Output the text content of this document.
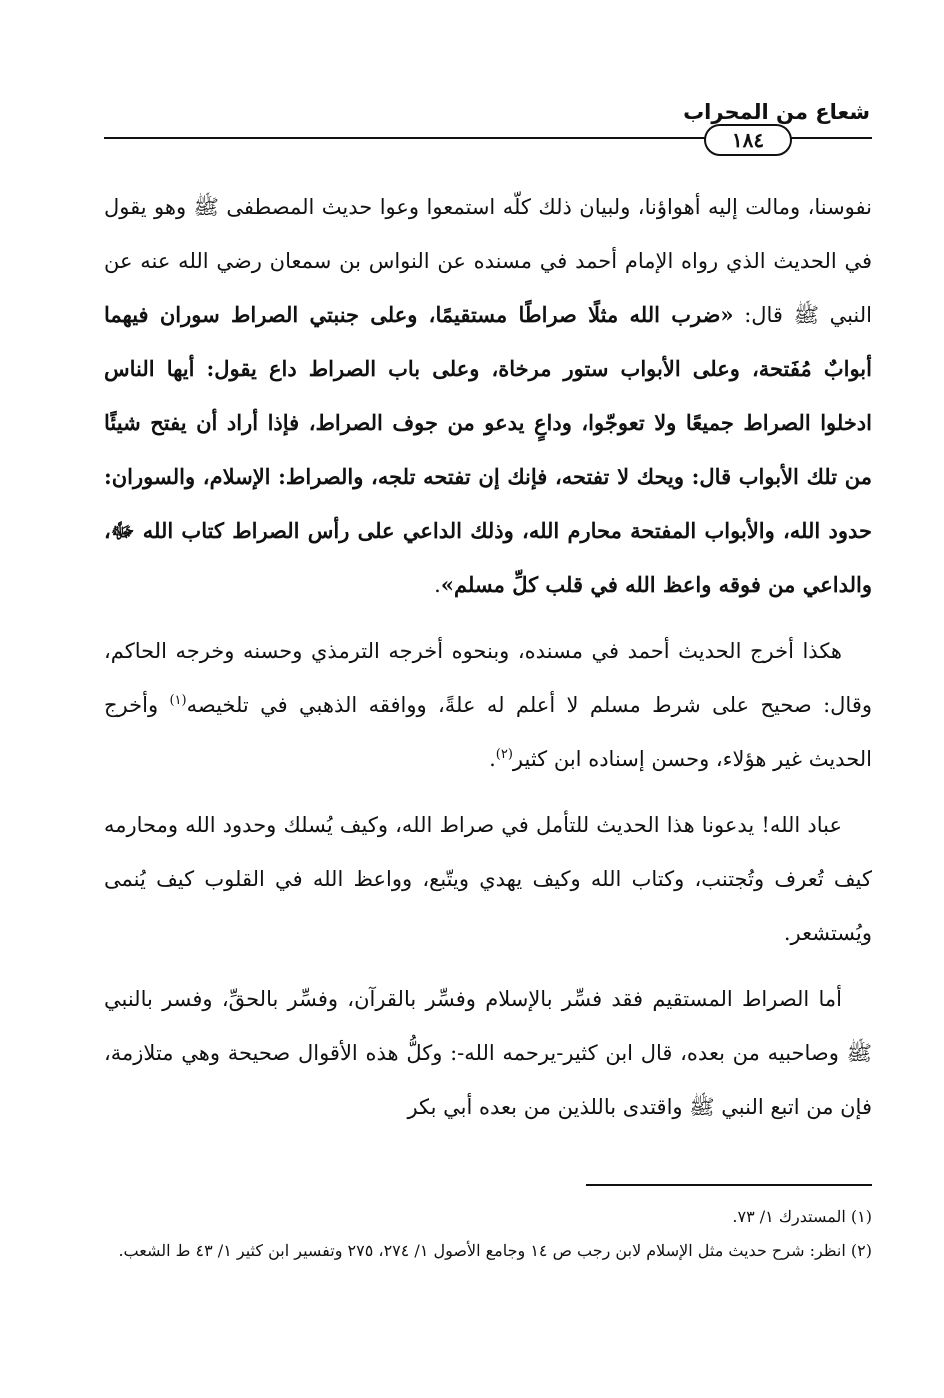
شعاع من المحراب
١٨٤

نفوسنا، ومالت إليه أهواؤنا، ولبيان ذلك كلّه استمعوا وعوا حديث المصطفى ﷺ وهو يقول في الحديث الذي رواه الإمام أحمد في مسنده عن النواس بن سمعان رضي الله عنه عن النبي ﷺ قال: «ضرب الله مثلًا صراطًا مستقيمًا، وعلى جنبتي الصراط سوران فيهما أبوابٌ مُفَتحة، وعلى الأبواب ستور مرخاة، وعلى باب الصراط داع يقول: أيها الناس ادخلوا الصراط جميعًا ولا تعوجّوا، وداعٍ يدعو من جوف الصراط، فإذا أراد أن يفتح شيئًا من تلك الأبواب قال: ويحك لا تفتحه، فإنك إن تفتحه تلجه، والصراط: الإسلام، والسوران: حدود الله، والأبواب المفتحة محارم الله، وذلك الداعي على رأس الصراط كتاب الله ﷻ، والداعي من فوقه واعظ الله في قلب كلِّ مسلم».

هكذا أخرج الحديث أحمد في مسنده، وبنحوه أخرجه الترمذي وحسنه وخرجه الحاكم، وقال: صحيح على شرط مسلم لا أعلم له علةً، ووافقه الذهبي في تلخيصه$^{(١)}$ وأخرج الحديث غير هؤلاء، وحسن إسناده ابن كثير$^{(٢)}$.

عباد الله! يدعونا هذا الحديث للتأمل في صراط الله، وكيف يُسلك وحدود الله ومحارمه كيف تُعرف وتُجتنب، وكتاب الله وكيف يهدي ويتّبع، وواعظ الله في القلوب كيف يُنمى ويُستشعر.

أما الصراط المستقيم فقد فسِّر بالإسلام وفسِّر بالقرآن، وفسِّر بالحقِّ، وفسر بالنبي ﷺ وصاحبيه من بعده، قال ابن كثير-يرحمه الله-: وكلُّ هذه الأقوال صحيحة وهي متلازمة، فإن من اتبع النبي ﷺ واقتدى باللذين من بعده أبي بكر

(١) المستدرك ١/ ٧٣.

(٢) انظر: شرح حديث مثل الإسلام لابن رجب ص ١٤ وجامع الأصول ١/ ٢٧٤، ٢٧٥ وتفسير ابن كثير ١/ ٤٣ ط الشعب.
